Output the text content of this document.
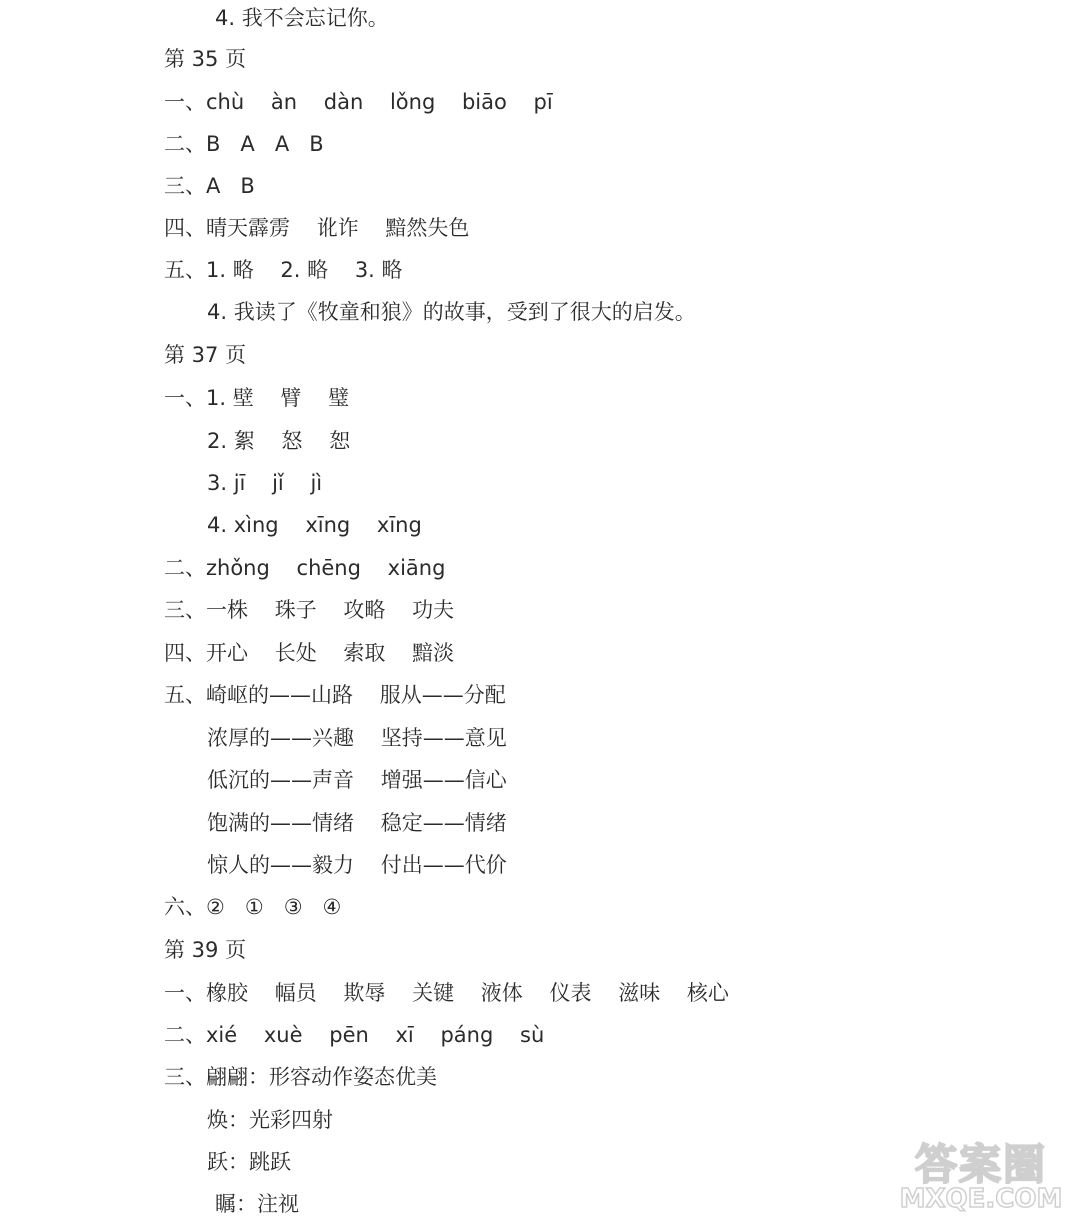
4. 我不会忘记你。
第 35 页
一、chù    àn    dàn    lǒng    biāo    pī
二、B   A   A   B
三、A   B
四、晴天霹雳    讹诈    黯然失色
五、1. 略    2. 略    3. 略
4. 我读了《牧童和狼》的故事，受到了很大的启发。
第 37 页
一、1. 壁    臂    璧
2. 絮    怒    恕
3. jī    jǐ    jì
4. xìng    xīng    xīng
二、zhǒng    chēng    xiāng
三、一株    珠子    攻略    功夫
四、开心    长处    索取    黯淡
五、崎岖的——山路    服从——分配
浓厚的——兴趣    坚持——意见
低沉的——声音    增强——信心
饱满的——情绪    稳定——情绪
惊人的——毅力    付出——代价
六、②   ①   ③   ④
第 39 页
一、橡胶    幅员    欺辱    关键    液体    仪表    滋味    核心
二、xié    xuè    pēn    xī    páng    sù
三、翩翩：形容动作姿态优美
焕：光彩四射
跃：跳跃
瞩：注视
答案圈
MXQE.COM
